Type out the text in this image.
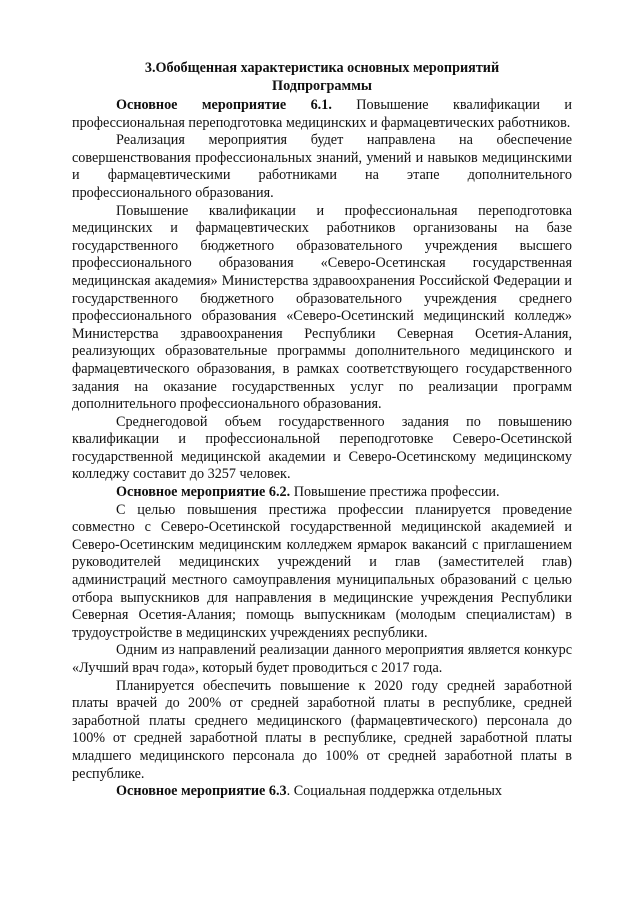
3.Обобщенная характеристика основных мероприятий
Подпрограммы

Основное мероприятие 6.1. Повышение квалификации и профессиональная переподготовка медицинских и фармацевтических работников.

Реализация мероприятия будет направлена на обеспечение совершенствования профессиональных знаний, умений и навыков медицинскими и фармацевтическими работниками на этапе дополнительного профессионального образования.

Повышение квалификации и профессиональная переподготовка медицинских и фармацевтических работников организованы на базе государственного бюджетного образовательного учреждения высшего профессионального образования «Северо-Осетинская государственная медицинская академия» Министерства здравоохранения Российской Федерации и государственного бюджетного образовательного учреждения среднего профессионального образования «Северо-Осетинский медицинский колледж» Министерства здравоохранения Республики Северная Осетия-Алания, реализующих образовательные программы дополнительного медицинского и фармацевтического образования, в рамках соответствующего государственного задания на оказание государственных услуг по реализации программ дополнительного профессионального образования.

Среднегодовой объем государственного задания по повышению квалификации и профессиональной переподготовке Северо-Осетинской государственной медицинской академии и Северо-Осетинскому медицинскому колледжу составит до 3257 человек.

Основное мероприятие 6.2. Повышение престижа профессии.

С целью повышения престижа профессии планируется проведение совместно с Северо-Осетинской государственной медицинской академией и Северо-Осетинским медицинским колледжем ярмарок вакансий с приглашением руководителей медицинских учреждений и глав (заместителей глав) администраций местного самоуправления муниципальных образований с целью отбора выпускников для направления в медицинские учреждения Республики Северная Осетия-Алания; помощь выпускникам (молодым специалистам) в трудоустройстве в медицинских учреждениях республики.

Одним из направлений реализации данного мероприятия является конкурс «Лучший врач года», который будет проводиться с 2017 года.

Планируется обеспечить повышение к 2020 году средней заработной платы врачей до 200% от средней заработной платы в республике, средней заработной платы среднего медицинского (фармацевтического) персонала до 100% от средней заработной платы в республике, средней заработной платы младшего медицинского персонала до 100% от средней заработной платы в республике.

Основное мероприятие 6.3. Социальная поддержка отдельных
